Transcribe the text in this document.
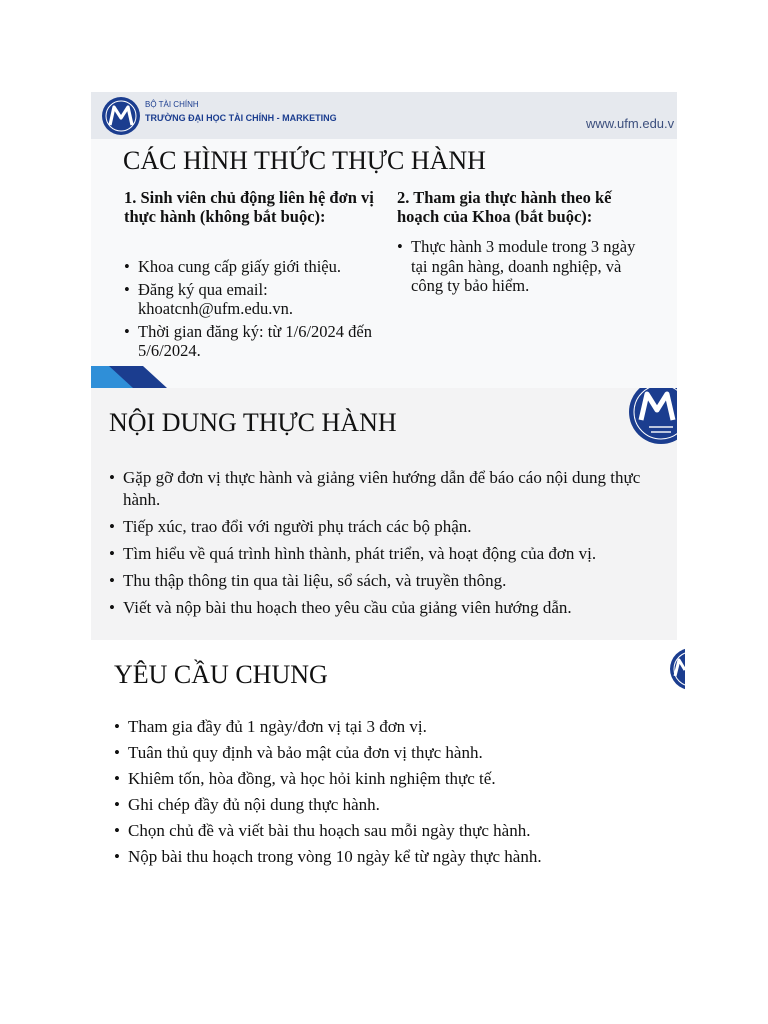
BỘ TÀI CHÍNH
TRƯỜNG ĐẠI HỌC TÀI CHÍNH - MARKETING	www.ufm.edu.v
CÁC HÌNH THỨC THỰC HÀNH
1. Sinh viên chủ động liên hệ đơn vị thực hành (không bắt buộc):
• Khoa cung cấp giấy giới thiệu.
• Đăng ký qua email: khoatcnh@ufm.edu.vn.
• Thời gian đăng ký: từ 1/6/2024 đến 5/6/2024.
2. Tham gia thực hành theo kế hoạch của Khoa (bắt buộc):
• Thực hành 3 module trong 3 ngày tại ngân hàng, doanh nghiệp, và công ty bảo hiểm.
NỘI DUNG THỰC HÀNH
• Gặp gỡ đơn vị thực hành và giảng viên hướng dẫn để báo cáo nội dung thực hành.
• Tiếp xúc, trao đổi với người phụ trách các bộ phận.
• Tìm hiểu về quá trình hình thành, phát triển, và hoạt động của đơn vị.
• Thu thập thông tin qua tài liệu, sổ sách, và truyền thông.
• Viết và nộp bài thu hoạch theo yêu cầu của giảng viên hướng dẫn.
YÊU CẦU CHUNG
• Tham gia đầy đủ 1 ngày/đơn vị tại 3 đơn vị.
• Tuân thủ quy định và bảo mật của đơn vị thực hành.
• Khiêm tốn, hòa đồng, và học hỏi kinh nghiệm thực tế.
• Ghi chép đầy đủ nội dung thực hành.
• Chọn chủ đề và viết bài thu hoạch sau mỗi ngày thực hành.
• Nộp bài thu hoạch trong vòng 10 ngày kể từ ngày thực hành.
